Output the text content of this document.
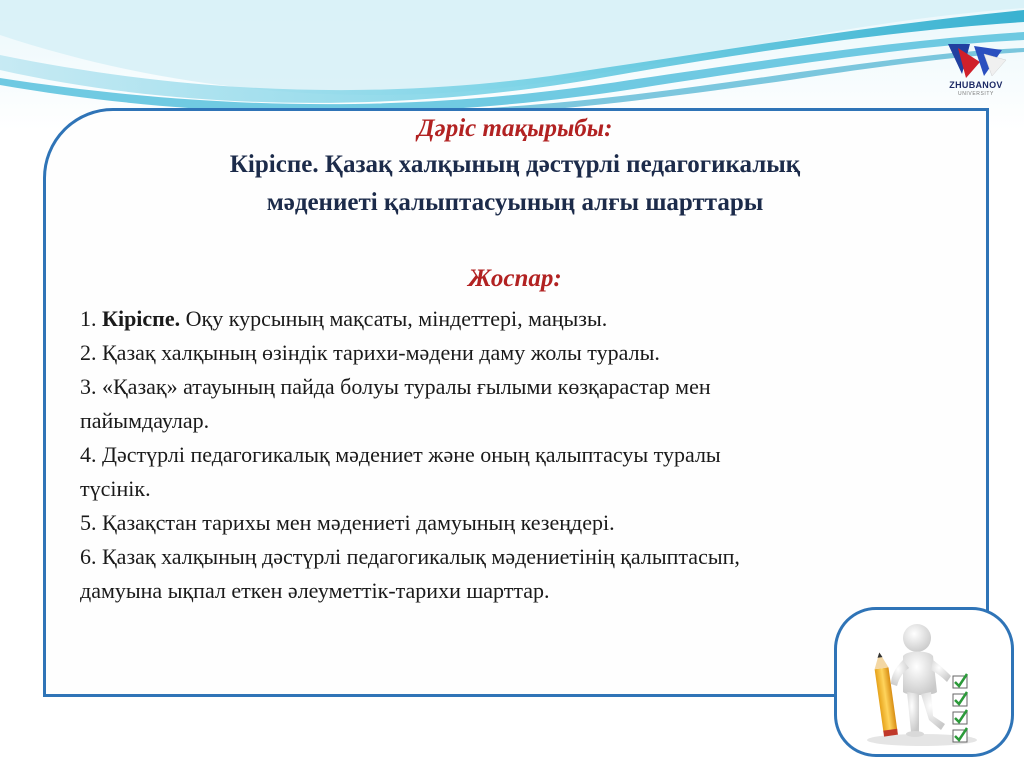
ZHUBANOV
UNIVERSITY
Дәріс тақырыбы:
Кіріспе. Қазақ халқының дәстүрлі педагогикалық
мәдениеті қалыптасуының алғы шарттары
Жоспар:
1. Кіріспе. Оқу курсының мақсаты, міндеттері, маңызы.
2. Қазақ халқының өзіндік тарихи-мәдени даму жолы туралы.
3. «Қазақ» атауының пайда болуы туралы ғылыми көзқарастар мен
пайымдаулар.
4. Дәстүрлі педагогикалық мәдениет және оның қалыптасуы туралы
түсінік.
5. Қазақстан тарихы мен мәдениеті дамуының кезеңдері.
6. Қазақ халқының дәстүрлі педагогикалық мәдениетінің қалыптасып,
дамуына ықпал еткен әлеуметтік-тарихи шарттар.
